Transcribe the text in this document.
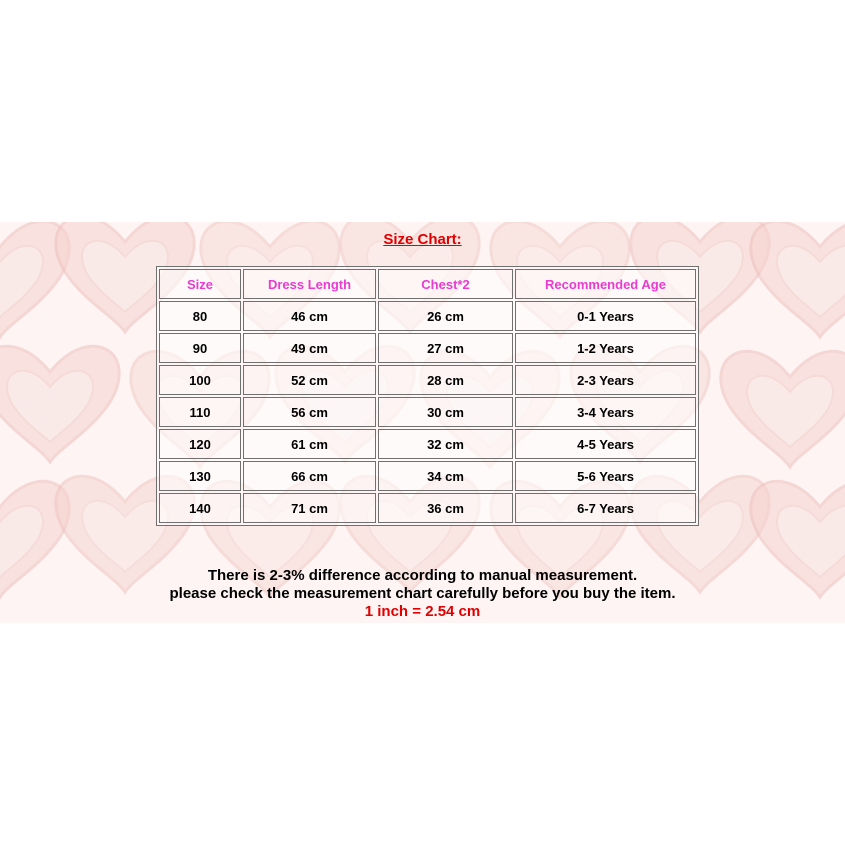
Size Chart:
Size	Dress Length	Chest*2	Recommended Age
80	46 cm	26 cm	0-1 Years
90	49 cm	27 cm	1-2 Years
100	52 cm	28 cm	2-3 Years
110	56 cm	30 cm	3-4 Years
120	61 cm	32 cm	4-5 Years
130	66 cm	34 cm	5-6 Years
140	71 cm	36 cm	6-7 Years
There is 2-3% difference according to manual measurement.
please check the measurement chart carefully before you buy the item.
1 inch = 2.54 cm
